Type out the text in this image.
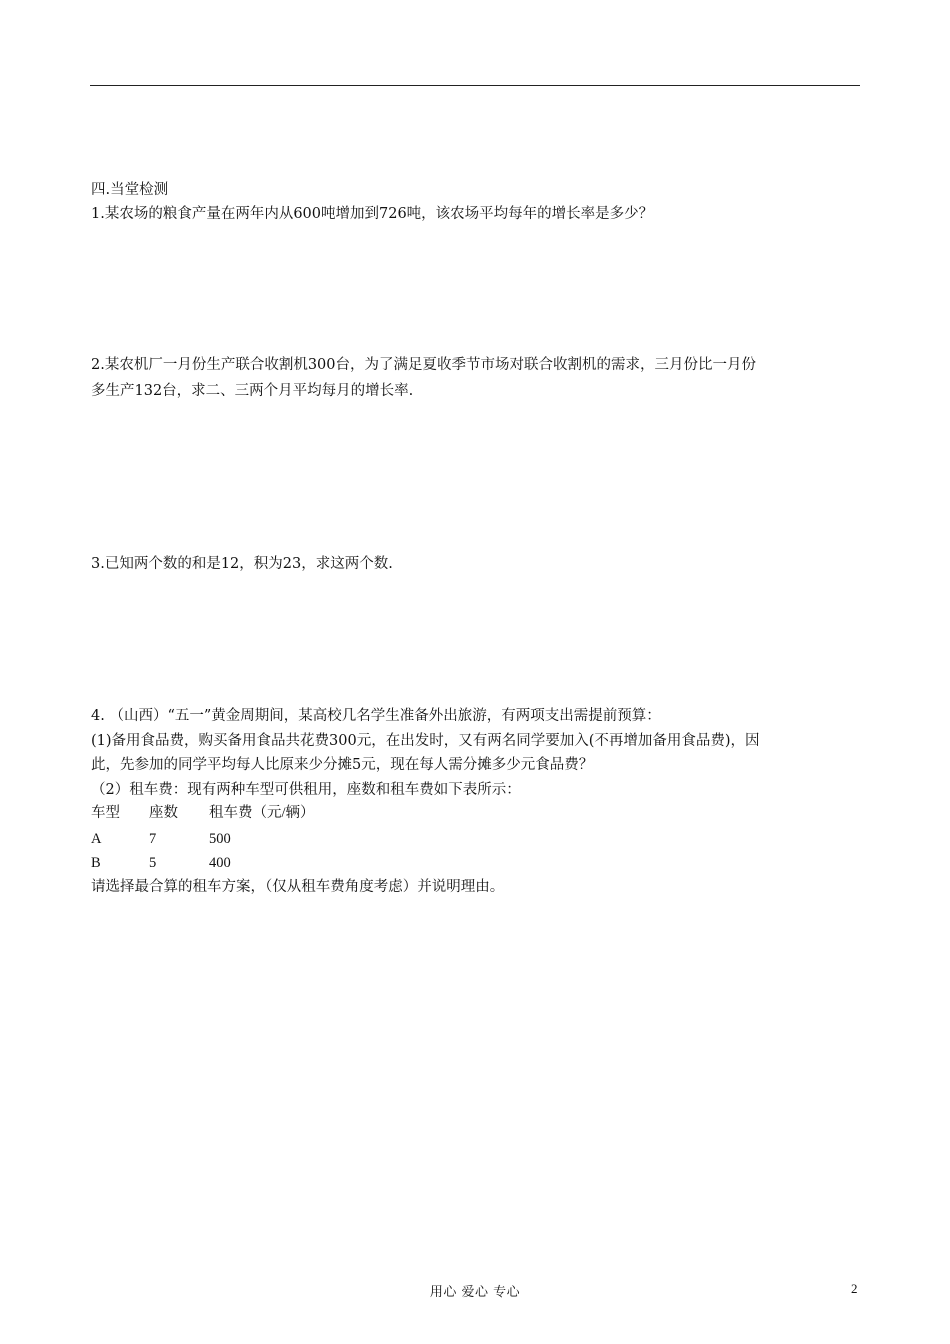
四.当堂检测
1.某农场的粮食产量在两年内从600吨增加到726吨，该农场平均每年的增长率是多少？
2.某农机厂一月份生产联合收割机300台，为了满足夏收季节市场对联合收割机的需求，三月份比一月份
多生产132台，求二、三两个月平均每月的增长率.
3.已知两个数的和是12，积为23，求这两个数.
4. （山西）“五一”黄金周期间，某高校几名学生准备外出旅游，有两项支出需提前预算：
(1)备用食品费，购买备用食品共花费300元，在出发时，又有两名同学要加入(不再增加备用食品费)，因
此，先参加的同学平均每人比原来少分摊5元，现在每人需分摊多少元食品费？
（2）租车费：现有两种车型可供租用，座数和租车费如下表所示：
车型 座数 租车费（元/辆）
A	7	500
B	5	400
请选择最合算的租车方案，（仅从租车费角度考虑）并说明理由。
用心 爱心 专心	2
